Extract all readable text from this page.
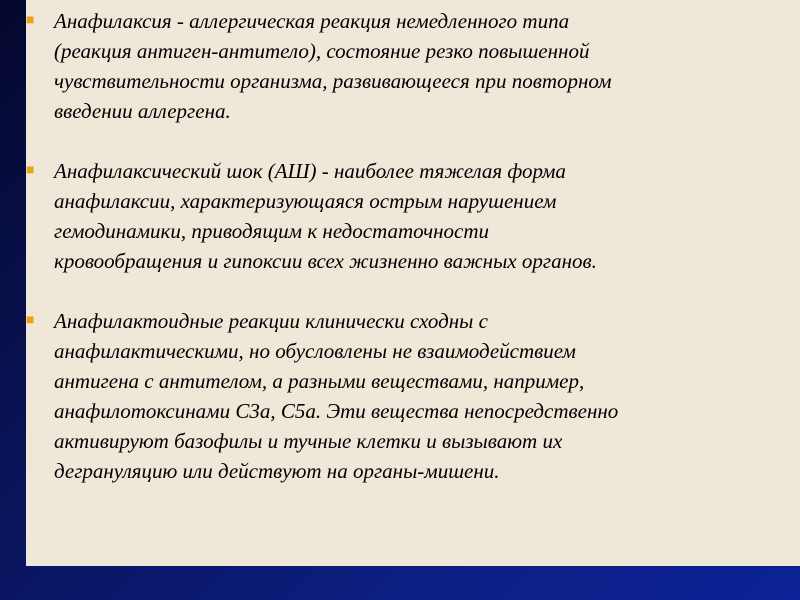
■ Анафилаксия - аллергическая реакция немедленного типа
(реакция антиген-антитело), состояние резко повышенной
чувствительности организма, развивающееся при повторном
введении аллергена.
■ Анафилаксический шок (АШ) - наиболее тяжелая форма
анафилаксии, характеризующаяся острым нарушением
гемодинамики, приводящим к недостаточности
кровообращения и гипоксии всех жизненно важных органов.
■ Анафилактоидные реакции клинически сходны с
анафилактическими, но обусловлены не взаимодействием
антигена с антителом, а разными веществами, например,
анафилотоксинами С3а, С5а. Эти вещества непосредственно
активируют базофилы и тучные клетки и вызывают их
дегрануляцию или действуют на органы-мишени.
